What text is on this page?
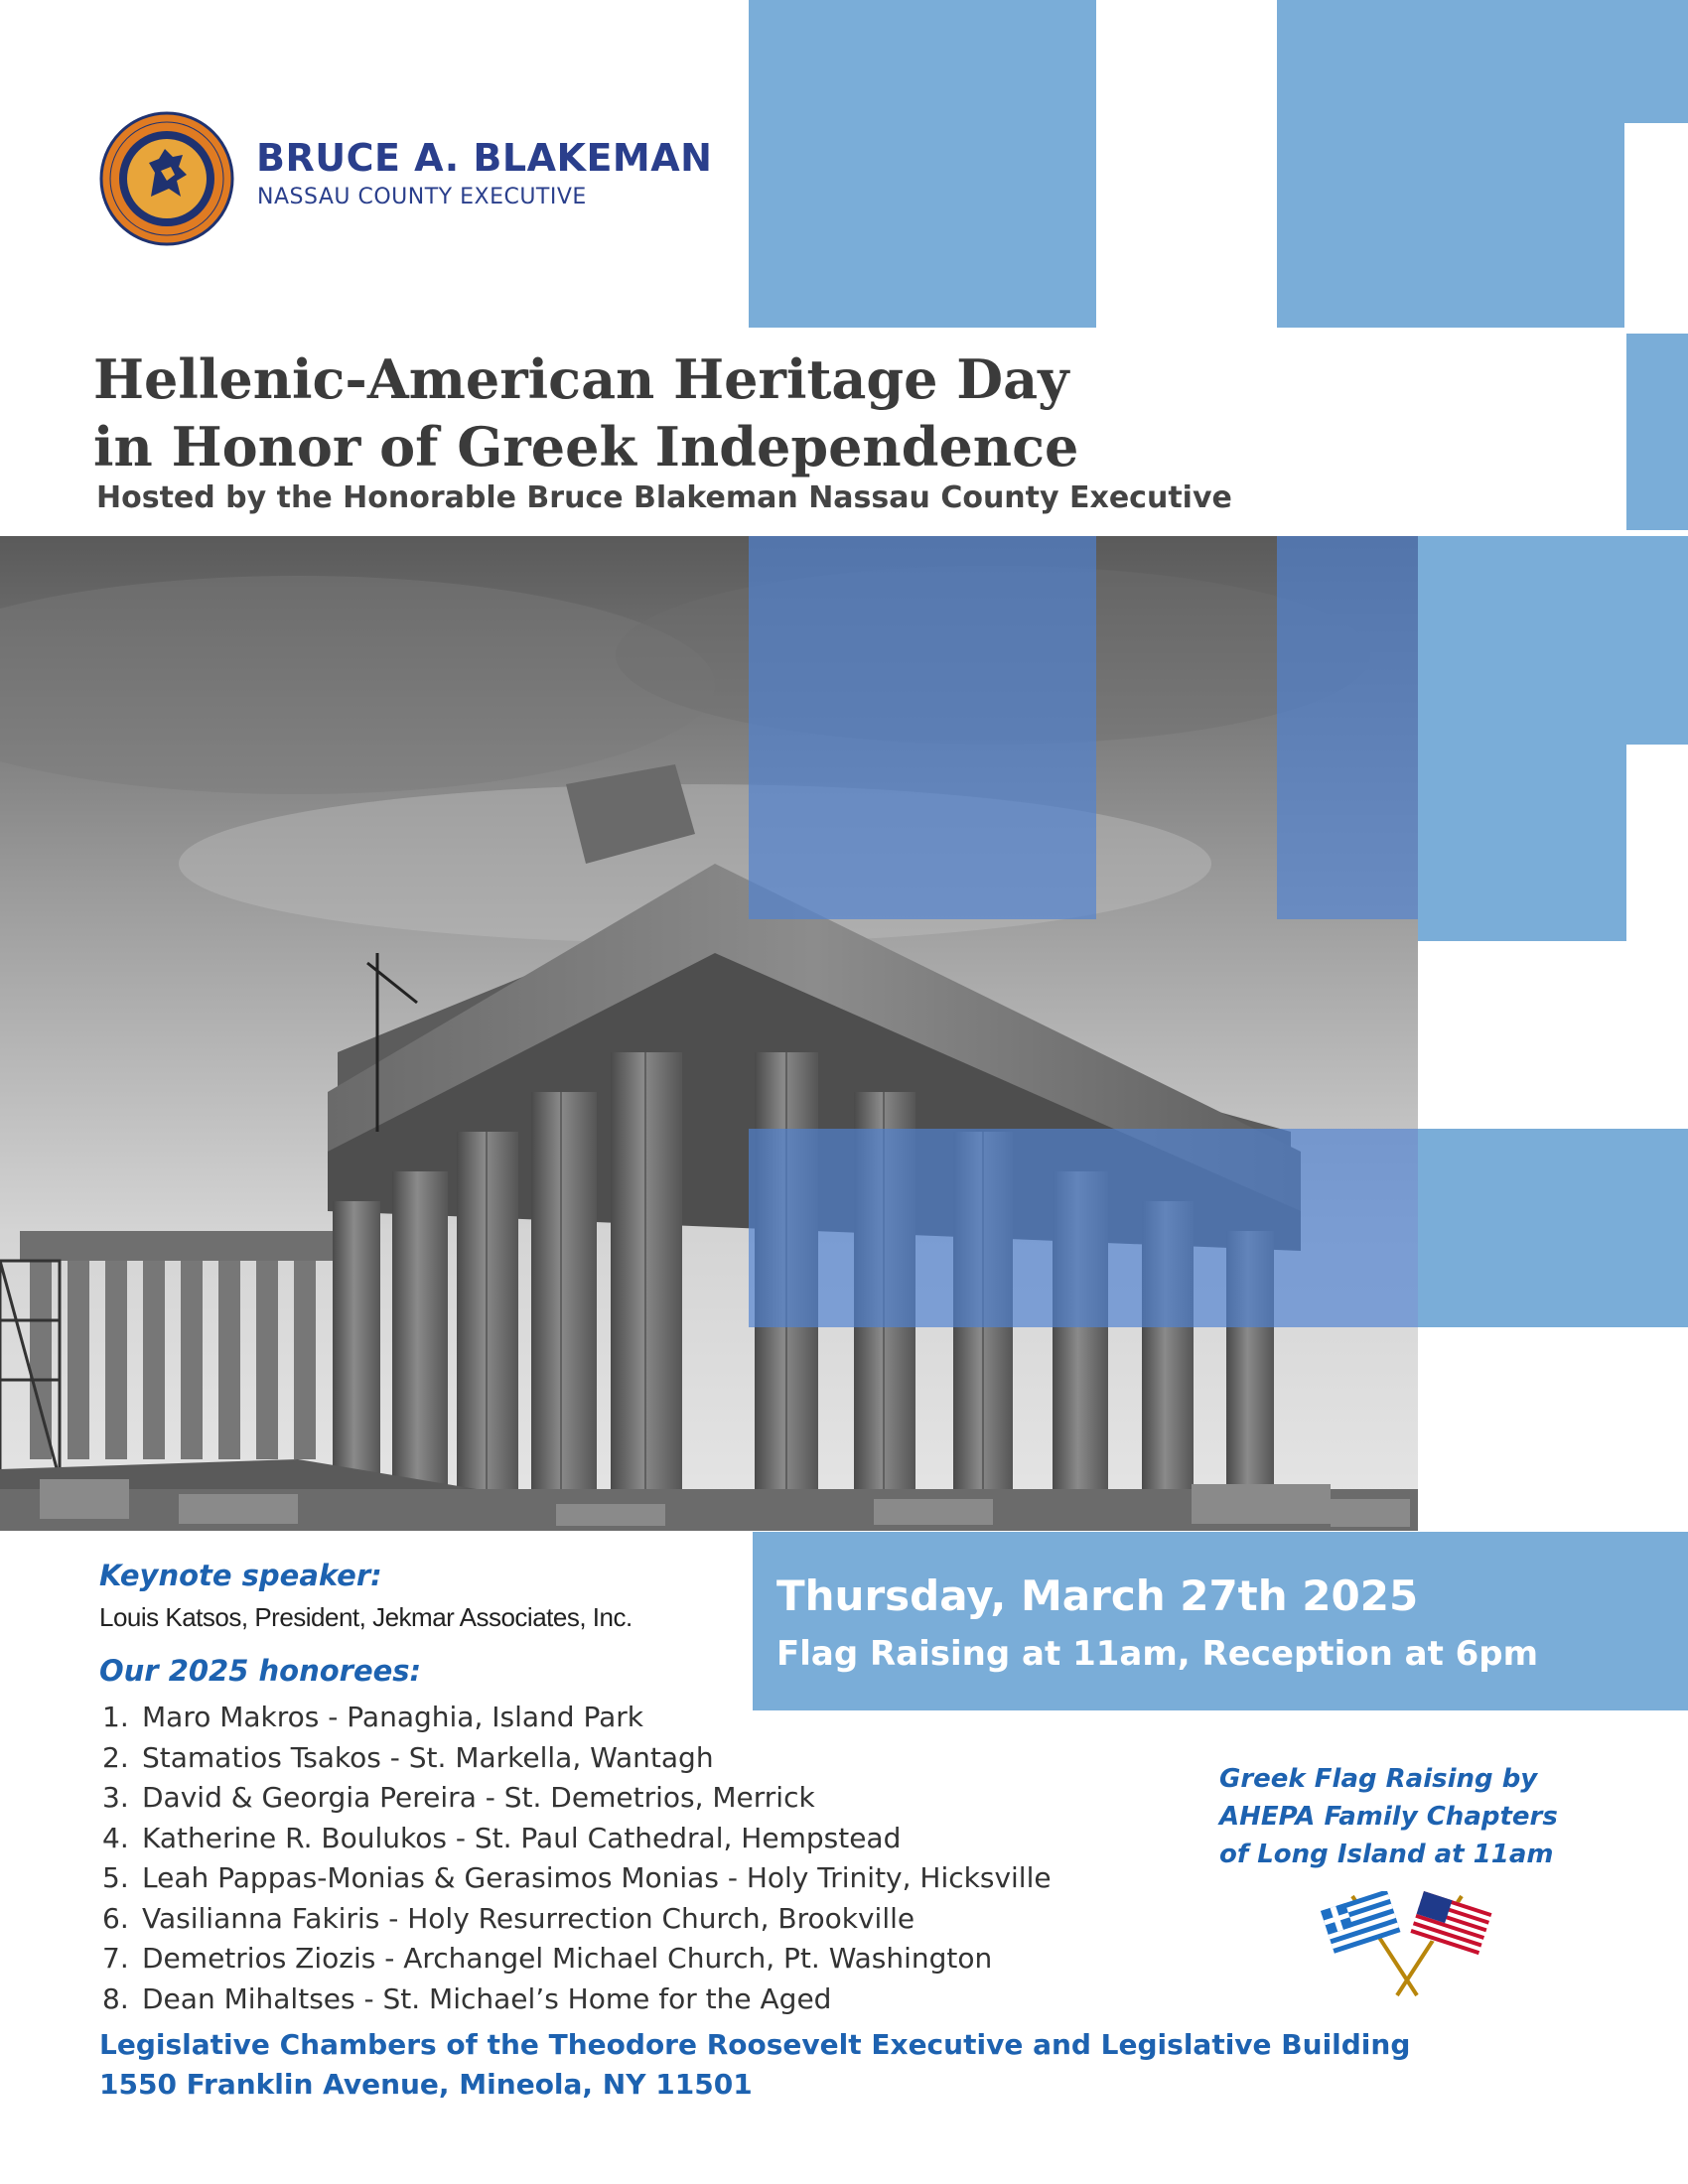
BRUCE A. BLAKEMAN
NASSAU COUNTY EXECUTIVE
Hellenic-American Heritage Day
in Honor of Greek Independence
Hosted by the Honorable Bruce Blakeman Nassau County Executive
Thursday, March 27th 2025
Flag Raising at 11am, Reception at 6pm
Keynote speaker:
Louis Katsos, President, Jekmar Associates, Inc.
Our 2025 honorees:
1. Maro Makros - Panaghia, Island Park
2. Stamatios Tsakos - St. Markella, Wantagh
3. David & Georgia Pereira - St. Demetrios, Merrick
4. Katherine R. Boulukos - St. Paul Cathedral, Hempstead
5. Leah Pappas-Monias & Gerasimos Monias - Holy Trinity, Hicksville
6. Vasilianna Fakiris - Holy Resurrection Church, Brookville
7. Demetrios Ziozis - Archangel Michael Church, Pt. Washington
8. Dean Mihaltses - St. Michael’s Home for the Aged
Greek Flag Raising by
AHEPA Family Chapters
of Long Island at 11am
Legislative Chambers of the Theodore Roosevelt Executive and Legislative Building
1550 Franklin Avenue, Mineola, NY 11501
